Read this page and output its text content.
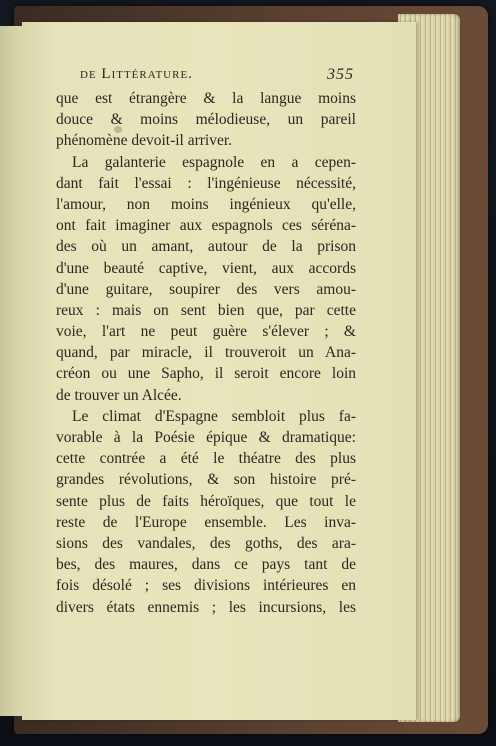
de Littérature.	355
que est étrangère & la langue moins
douce & moins mélodieuse, un pareil
phénomène devoit-il arriver.
La galanterie espagnole en a cepen-
dant fait l'essai : l'ingénieuse nécessité,
l'amour, non moins ingénieux qu'elle,
ont fait imaginer aux espagnols ces séréna-
des où un amant, autour de la prison
d'une beauté captive, vient, aux accords
d'une guitare, soupirer des vers amou-
reux : mais on sent bien que, par cette
voie, l'art ne peut guère s'élever ; &
quand, par miracle, il trouveroit un Ana-
créon ou une Sapho, il seroit encore loin
de trouver un Alcée.
Le climat d'Espagne sembloit plus fa-
vorable à la Poésie épique & dramatique:
cette contrée a été le théatre des plus
grandes révolutions, & son histoire pré-
sente plus de faits héroïques, que tout le
reste de l'Europe ensemble. Les inva-
sions des vandales, des goths, des ara-
bes, des maures, dans ce pays tant de
fois désolé ; ses divisions intérieures en
divers états ennemis ; les incursions, les
